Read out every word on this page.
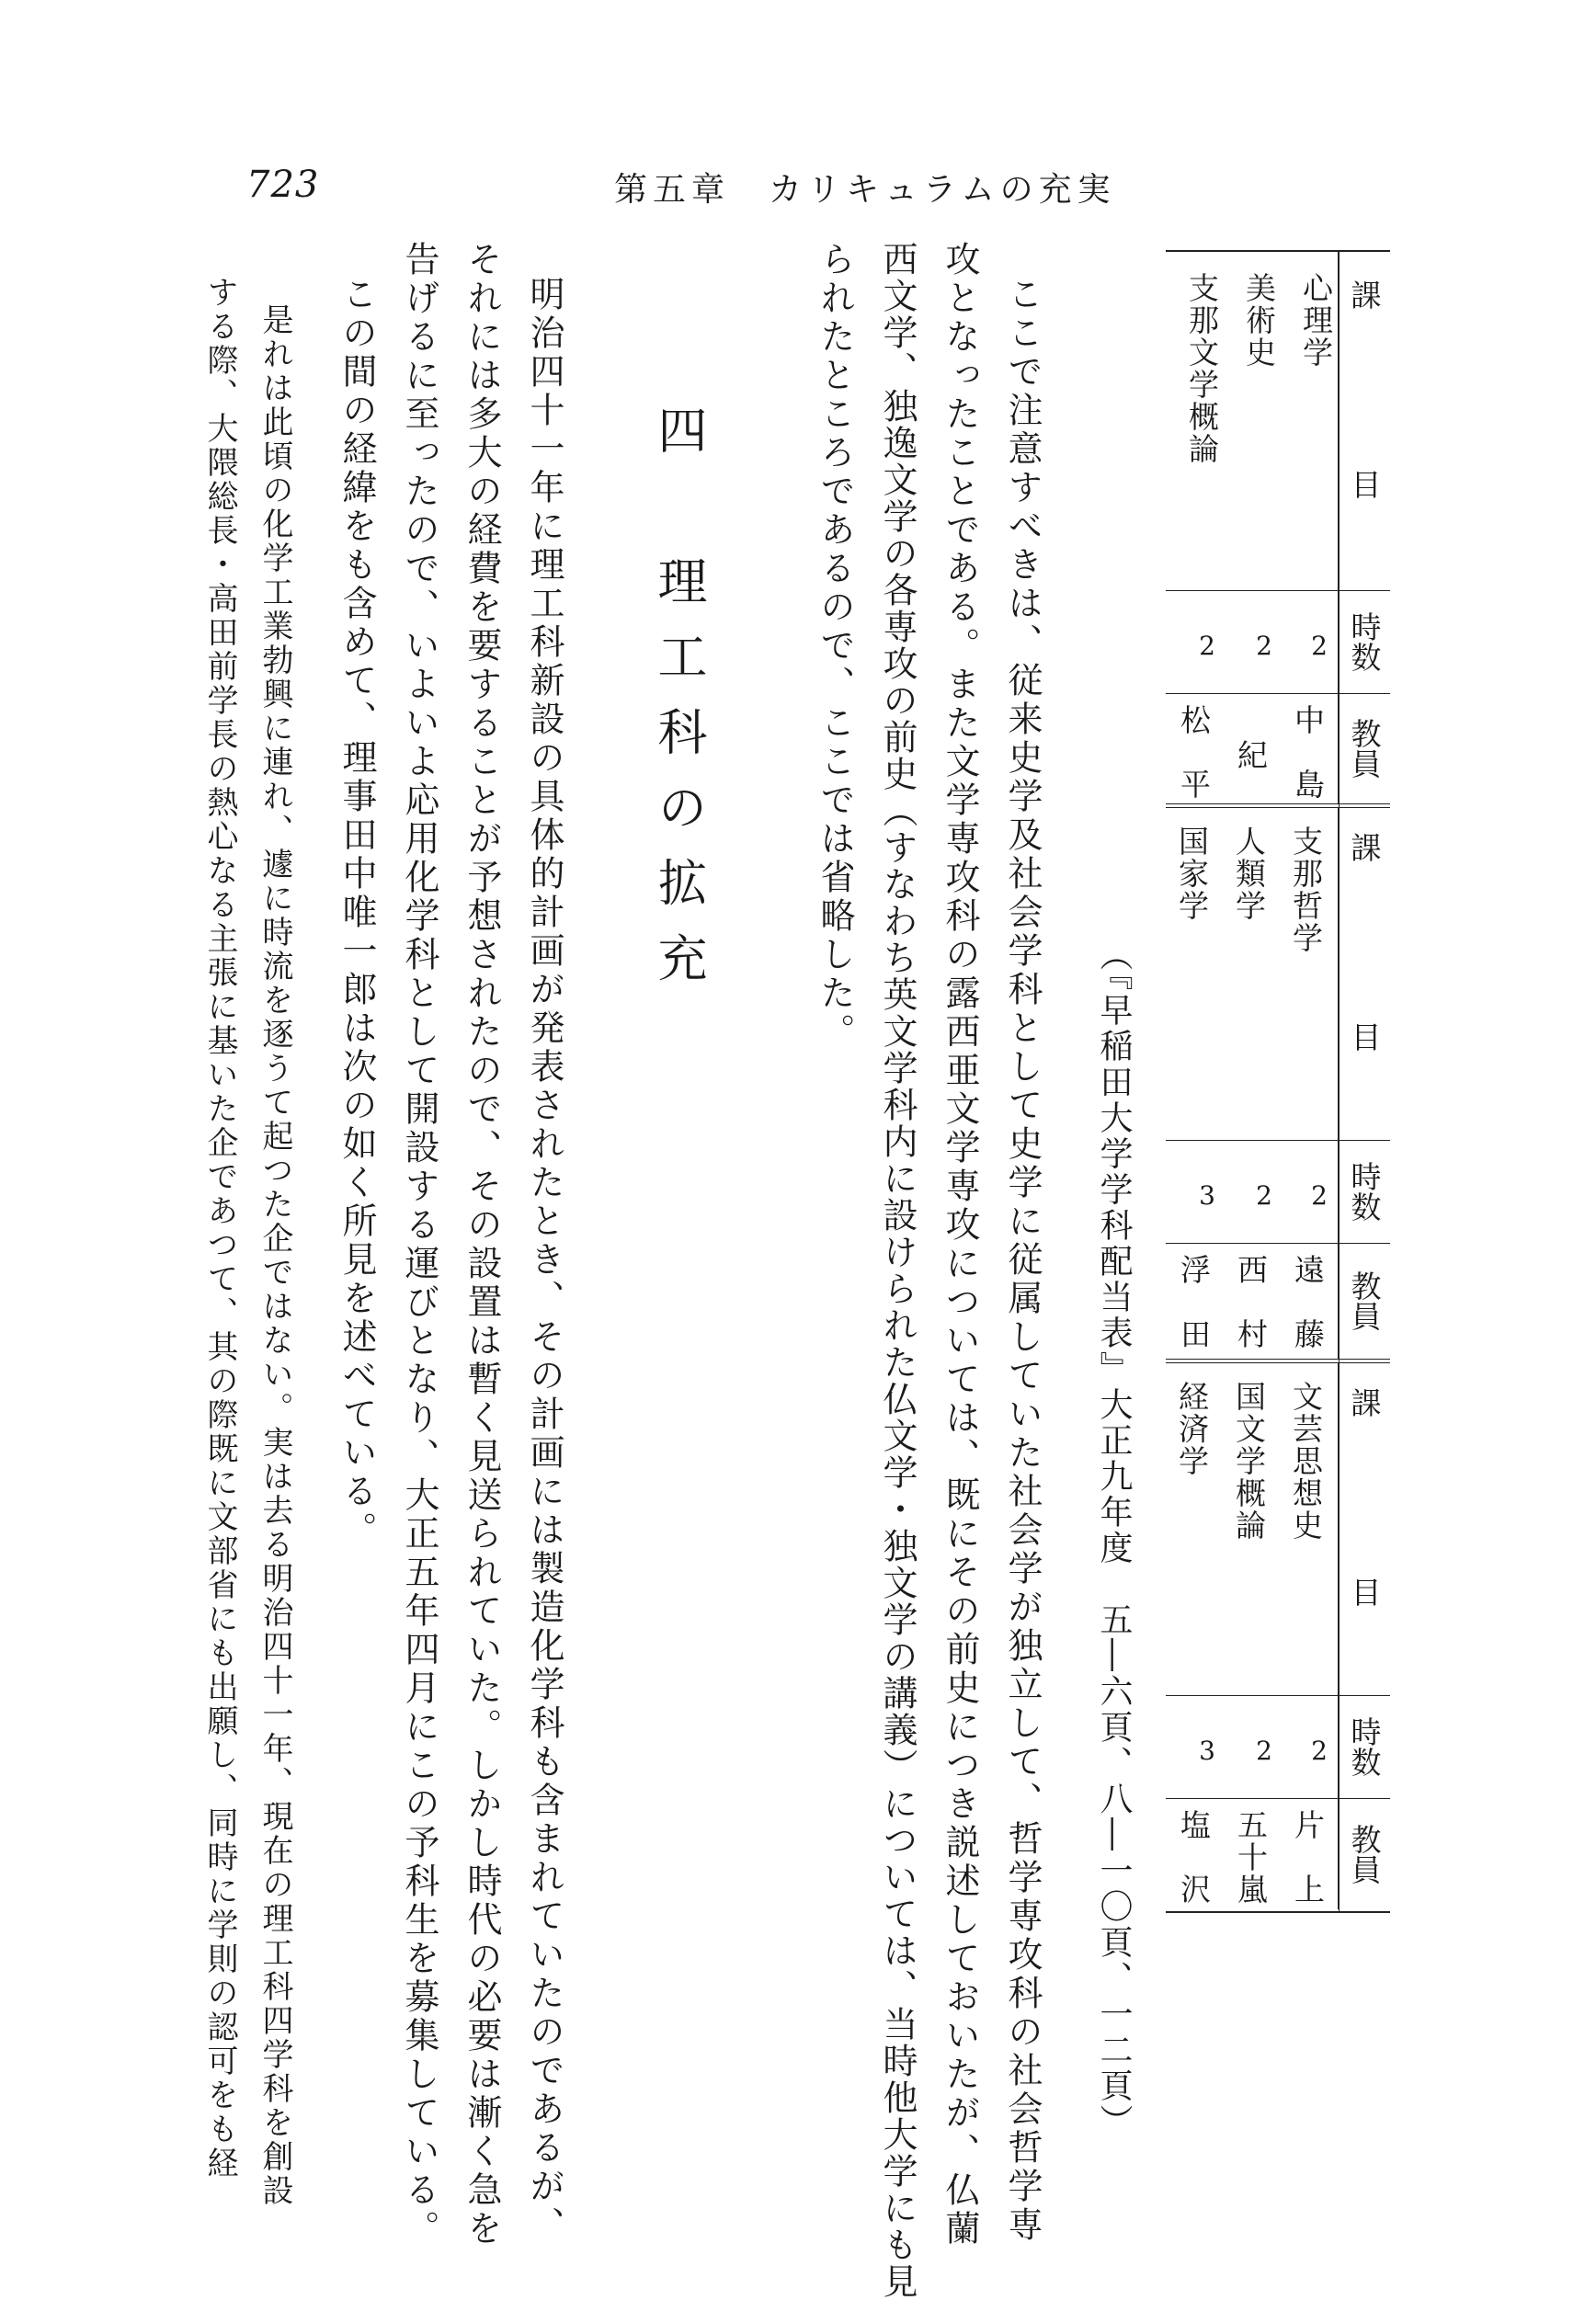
723	第五章　カリキュラムの充実
課　目
時数
教員
心理学
美術史
支那文学概論
2
2
2
中　島
紀
松　平
課　目
時数
教員
支那哲学
人類学
国家学
2
2
3
遠　藤
西　村
浮　田
課　目
時数
教員
文芸思想史
国文学概論
経済学
2
2
3
片　上
五十嵐
塩　沢
（『早稲田大学学科配当表』大正九年度　五―六頁、八―一〇頁、一二頁）
ここで注意すべきは、従来史学及社会学科として史学に従属していた社会学が独立して、哲学専攻科の社会哲学専
攻となったことである。また文学専攻科の露西亜文学専攻については、既にその前史につき説述しておいたが、仏蘭
西文学、独逸文学の各専攻の前史（すなわち英文学科内に設けられた仏文学・独文学の講義）については、当時他大学にも見
られたところであるので、ここでは省略した。
四　理工科の拡充
明治四十一年に理工科新設の具体的計画が発表されたとき、その計画には製造化学科も含まれていたのであるが、
それには多大の経費を要することが予想されたので、その設置は暫く見送られていた。しかし時代の必要は漸く急を
告げるに至ったので、いよいよ応用化学科として開設する運びとなり、大正五年四月にこの予科生を募集している。
この間の経緯をも含めて、理事田中唯一郎は次の如く所見を述べている。
是れは此頃の化学工業勃興に連れ、遽に時流を逐うて起つた企ではない。実は去る明治四十一年、現在の理工科四学科を創設
する際、大隈総長・高田前学長の熱心なる主張に基いた企であつて、其の際既に文部省にも出願し、同時に学則の認可をも経
